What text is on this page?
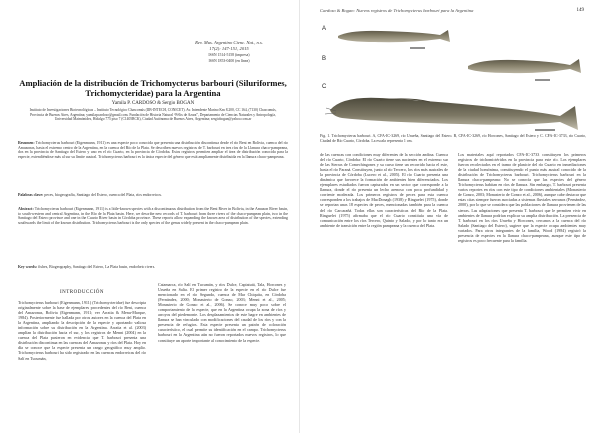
Rev. Mus. Argentino Cienc. Nat., n.s.
17(2): 147-151, 2015
ISSN 1514-5158 (impresa)
ISSN 1853-0400 (en línea)
Ampliación de la distribución de Trichomycterus barbouri (Siluriformes, Trichomycteridae) para la Argentina
Yamila P. CARDOSO & Sergio BOGAN
Instituto de Investigaciones Biotecnológicas – Instituto Tecnológico Chascomús (IIB-INTECH, CONICET). Av. Intendente Marino Km 8.200, CC 164, (7130) Chascomús, Provincia de Buenos Aires, Argentina; yamilapcardoso@gmail.com. Fundación de Historia Natural “Félix de Azara”, Departamento de Ciencias Naturales y Antropología, Universidad Maimónides, Hidalgo 775 piso 7 (C1405BCK), Ciudad Autónoma de Buenos Aires, Argentina; sergiobogan@yahoo.com.ar
Resumen: Trichomycterus barbouri (Eigenmann, 1911) es una especie poco conocida que presenta una distribución discontinua desde el río Beni en Bolivia, cuenca del río Amazonas, hasta el extremo centro de la Argentina, en la cuenca del Río de la Plata. Se describen nuevos registros de T. barbouri en tres ríos de la Llanura chaco-pampeana, dos en la provincia de Santiago del Estero y uno en el río Cuarto, en la provincia de Córdoba. Estos registros permiten ampliar el área de distribución conocida para la especie, extendiéndose más al sur su límite austral. Trichomycterus barbouri es la única especie del género que está ampliamente distribuida en la llanura chaco-pampeana.
Palabras clave: peces, biogeografía, Santiago del Estero, cuenca del Plata, ríos endorreicos.
Abstract: Trichomycterus barbouri (Eigenmann, 1911) is a little-known species with a discontinuous distribution from the Beni River in Bolivia, in the Amazon River basin, to south-western and central Argentina, in the Río de la Plata basin. Here, we describe new records of T. barbouri from three rivers of the chaco-pampean plain, two in the Santiago del Estero province and one in the Cuarto River basin in Córdoba province. These reports allow expanding the known area of distribution of the species, extending southwards the limit of the known distribution. Trichomycterus barbouri is the only species of the genus widely present in the chaco-pampean plain.
Key words: fishes, Biogeography, Santiago del Estero, La Plata basin, endorheic rivers.
INTRODUCCIÓN
Trichomycterus barbouri (Eigenmann, 1911) (Trichomycteridae) fue descripta originalmente sobre la base de ejemplares procedentes del río Beni, cuenca del Amazonas, Bolivia (Eigenmann, 1911; ver Arratia & Menu-Marque, 1984). Posteriormente fue hallada por otros autores en la cuenca del Plata en la Argentina, ampliando la descripción de la especie y aportando valiosa información sobre su distribución en la Argentina. Arratia et al. (2003) amplían la distribución hacia el sur, y los registros de Menni (2004) en la cuenca del Plata pusieron en evidencia que T. barbouri presenta una distribución discontinua en las cuencas del Amazonas y ríos del Plata. Hoy en día se conoce que la especie presenta un rango geográfico muy amplio. Trichomycterus barbouri ha sido registrado en las cuencas endorreicas del río Salí en Tucumán,
Catamarca, río Salí en Tucumán, y ríos Dulce, Capiatutá, Tala, Horcones y Urueña en Salta. El primer registro de la especie en el río Dulce fue mencionado en el río Segundo, cuenca de Mar Chiquita, en Córdoba (Fernández, 2000; Monasterio de Gonzo, 2003; Menni et al., 2005; Monasterio de Gonzo et al., 2006). Se conoce muy poco sobre el comportamiento de la especie, que en la Argentina ocupa la zona de ríos y arroyos del piedemonte. Los desplazamientos de este bagre en ambientes de llanura se han vinculado con modificaciones del caudal de los ríos y con la presencia de refugios. Esta especie presenta un patrón de coloración característico, el cual permite su identificación en el campo. Trichomycterus barbouri en la Argentina aún no fueron reportados nuevos registros, lo que constituye un aporte importante al conocimiento de la especie.
Cardoso & Bogan: Nuevos registros de Trichomycterus barbouri para la Argentina	149
A
B
C
Fig. 1. Trichomycterus barbouri. A, CFA-IC-3269, río Urueña, Santiago del Estero. B, CFA-IC-3269, río Horcones, Santiago del Estero y C. CFA-IC-3733, río Cuarto, Ciudad de Río Cuarto, Córdoba. La escala representa 1 cm.
de las cuencas con condiciones muy diferentes de la sección andina. Cuenca del río Cuarto, Córdoba: El río Cuarto tiene sus nacientes en el extremo sur de las Sierras de Comechingones y su curso tiene un recorrido hacia el este, hasta el río Paraná. Constituyen, junto al río Tercero, los ríos más australes de la provincia de Córdoba (Lucero et al., 2005). El río Cuarto presenta una dinámica que favorece la formación de ambientes bien diferenciados. Los ejemplares estudiados fueron capturados en un sector que corresponde a la llanura, donde el río presenta un lecho arenoso con poca profundidad y corriente moderada. Los primeros registros de peces para esta cuenca corresponden a los trabajos de MacDonagh (1938) y Ringuelet (1975), donde se reportan unas 18 especies de peces, mencionadas también para la cuenca del río Carcarañá. Todas ellas son características del Río de la Plata. Ringuelet (1975) afirmaba que el río Cuarto constituía una vía de comunicación entre los ríos Tercero, Quinto y Salado, y por lo tanto era un ambiente de transición entre la región pampeana y la cuenca del Plata.
Los materiales aquí reportados CFA-IC-3733 constituyen los primeros registros de trichomictéridos en la provincia para este río. Los ejemplares fueron recolectados en el tramo de planicie del río Cuarto en inmediaciones de la ciudad homónima, constituyendo el punto más austral conocido de la distribución de Trichomycterus barbouri. Trichomycterus barbouri en la llanura chaco-pampeana: No se conocía que las especies del género Trichomycterus habitan en ríos de llanura. Sin embargo, T. barbouri presenta varios reportes en ríos con este tipo de condiciones ambientales (Monasterio de Gonzo, 2003; Monasterio de Gonzo et al., 2006), aunque cabe destacar que estas citas siempre fueron asociadas a sistemas fluviales serranos (Fernández, 2000), por lo que se considera que las poblaciones de llanura provienen de las sierras. Las adaptaciones que presenta T. barbouri que le permiten vivir en ambientes de llanura podrían explicar su amplia distribución. La presencia de T. barbouri en los ríos Urueña y Horcones, cercanos a la cuenca del río Salado (Santiago del Estero), sugiere que la especie ocupa ambientes muy variados. Para otros integrantes de la familia, Wood (1984) registró la presencia de especies en la llanura chaco-pampeana, aunque este tipo de registros es poco frecuente para la familia.
